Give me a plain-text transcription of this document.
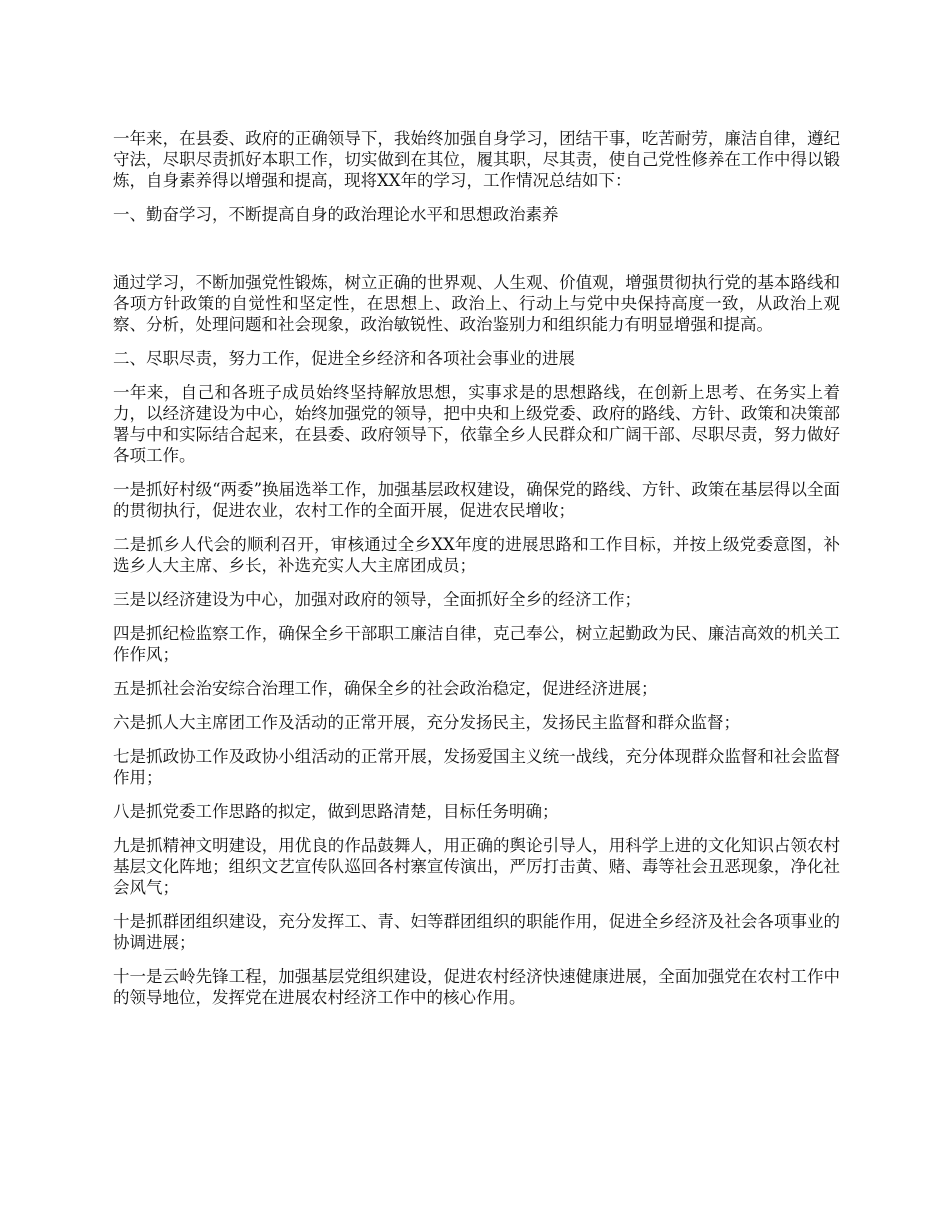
一年来，在县委、政府的正确领导下，我始终加强自身学习，团结干事，吃苦耐劳，廉洁自律，遵纪守法，尽职尽责抓好本职工作，切实做到在其位，履其职，尽其责，使自己党性修养在工作中得以锻炼，自身素养得以增强和提高，现将XX年的学习，工作情况总结如下：

一、勤奋学习，不断提高自身的政治理论水平和思想政治素养

通过学习，不断加强党性锻炼，树立正确的世界观、人生观、价值观，增强贯彻执行党的基本路线和各项方针政策的自觉性和坚定性，在思想上、政治上、行动上与党中央保持高度一致，从政治上观察、分析，处理问题和社会现象，政治敏锐性、政治鉴别力和组织能力有明显增强和提高。

二、尽职尽责，努力工作，促进全乡经济和各项社会事业的进展

一年来，自己和各班子成员始终坚持解放思想，实事求是的思想路线，在创新上思考、在务实上着力，以经济建设为中心，始终加强党的领导，把中央和上级党委、政府的路线、方针、政策和决策部署与中和实际结合起来，在县委、政府领导下，依靠全乡人民群众和广阔干部、尽职尽责，努力做好各项工作。

一是抓好村级“两委”换届选举工作，加强基层政权建设，确保党的路线、方针、政策在基层得以全面的贯彻执行，促进农业，农村工作的全面开展，促进农民增收；

二是抓乡人代会的顺利召开，审核通过全乡XX年度的进展思路和工作目标，并按上级党委意图，补选乡人大主席、乡长，补选充实人大主席团成员；

三是以经济建设为中心，加强对政府的领导，全面抓好全乡的经济工作；

四是抓纪检监察工作，确保全乡干部职工廉洁自律，克己奉公，树立起勤政为民、廉洁高效的机关工作作风；

五是抓社会治安综合治理工作，确保全乡的社会政治稳定，促进经济进展；

六是抓人大主席团工作及活动的正常开展，充分发扬民主，发扬民主监督和群众监督；

七是抓政协工作及政协小组活动的正常开展，发扬爱国主义统一战线，充分体现群众监督和社会监督作用；

八是抓党委工作思路的拟定，做到思路清楚，目标任务明确；

九是抓精神文明建设，用优良的作品鼓舞人，用正确的舆论引导人，用科学上进的文化知识占领农村基层文化阵地；组织文艺宣传队巡回各村寨宣传演出，严厉打击黄、赌、毒等社会丑恶现象，净化社会风气；

十是抓群团组织建设，充分发挥工、青、妇等群团组织的职能作用，促进全乡经济及社会各项事业的协调进展；

十一是云岭先锋工程，加强基层党组织建设，促进农村经济快速健康进展，全面加强党在农村工作中的领导地位，发挥党在进展农村经济工作中的核心作用。
